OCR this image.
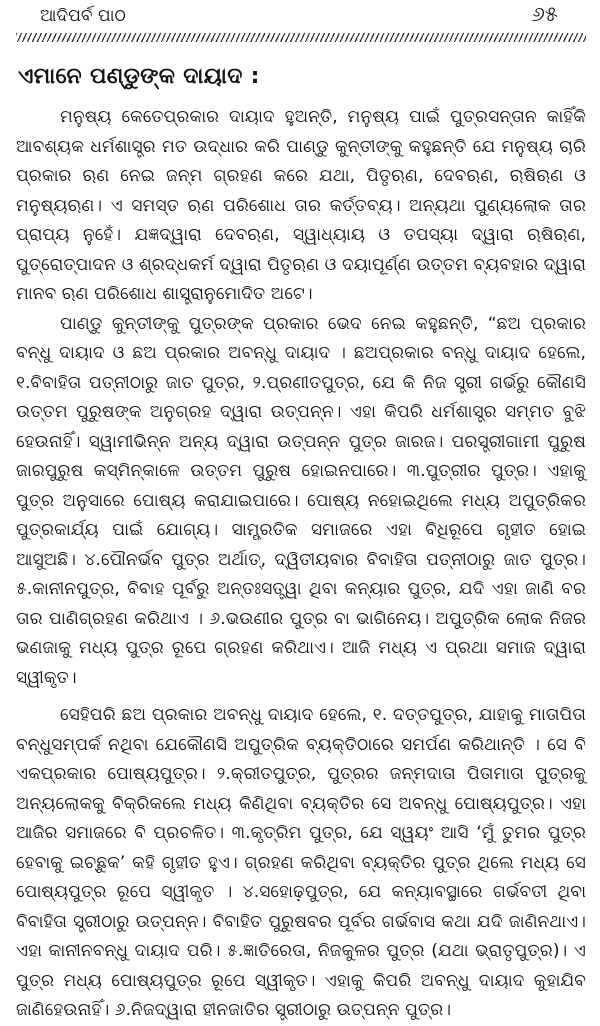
ଆଦିପର୍ବ ପାଠ	୬୫
ଏମାନେ ପଣ୍ଡୁଙ୍କ ଦାୟାଦ :

ମନୁଷ୍ୟ କେତେପ୍ରକାର ଦାୟାଦ ହୁଅନ୍ତି, ମନୁଷ୍ୟ ପାଇଁ ପୁତ୍ରସନ୍ତାନ କାହିଁକି ଆବଶ୍ୟକ ଧର୍ମଶାସ୍ତ୍ର ମତ ଉଦ୍ଧାର କରି ପାଣ୍ଡୁ କୁନ୍ତୀଙ୍କୁ କହୁଛନ୍ତି ଯେ ମନୁଷ୍ୟ ଚାରି ପ୍ରକାର ଋଣ ନେଇ ଜନ୍ମ ଗ୍ରହଣ କରେ ଯଥା, ପିତୃଋଣ, ଦେବଋଣ, ଋଷିଋଣ ଓ ମନୁଷ୍ୟଋଣ। ଏ ସମସ୍ତ ଋଣ ପରିଶୋଧ ତାର କର୍ତ୍ତବ୍ୟ। ଅନ୍ୟଥା ପୁଣ୍ୟଲୋକ ତାର ପ୍ରାପ୍ୟ ନୁହେଁ। ଯଜ୍ଞଦ୍ୱାରା ଦେବଋଣ, ସ୍ୱାଧ୍ୟାୟ ଓ ତପସ୍ୟା ଦ୍ୱାରା ଋଷିଋଣ, ପୁତ୍ରୋତ୍ପାଦନ ଓ ଶ୍ରଦ୍ଧକର୍ମ ଦ୍ୱାରା ପିତୃଋଣ ଓ ଦୟାପୂର୍ଣ୍ଣ ଉତ୍ତମ ବ୍ୟବହାର ଦ୍ୱାରା ମାନବ ଋଣ ପରିଶୋଧ ଶାସ୍ତ୍ରାନୁମୋଦିତ ଅଟେ।

ପାଣ୍ଡୁ କୁନ୍ତୀଙ୍କୁ ପୁତ୍ରଙ୍କ ପ୍ରକାର ଭେଦ ନେଇ କହୁଛନ୍ତି, “ଛଅ ପ୍ରକାର ବନ୍ଧୁ ଦାୟାଦ ଓ ଛଅ ପ୍ରକାର ଅବନ୍ଧୁ ଦାୟାଦ । ଛଅପ୍ରକାର ବନ୍ଧୁ ଦାୟାଦ ହେଲେ, ୧.ବିବାହିତା ପତ୍ନୀଠାରୁ ଜାତ ପୁତ୍ର, ୨.ପ୍ରଣୀତପୁତ୍ର, ଯେ କି ନିଜ ସ୍ତ୍ରୀ ଗର୍ଭରୁ କୌଣସି ଉତ୍ତମ ପୁରୁଷଙ୍କ ଅନୁଗ୍ରହ ଦ୍ୱାରା ଉତ୍ପନ୍ନ। ଏହା କିପରି ଧର୍ମଶାସ୍ତ୍ର ସମ୍ମତ ବୁଝି ହେଉନାହିଁ। ସ୍ୱାମୀଭିନ୍ନ ଅନ୍ୟ ଦ୍ୱାରା ଉତ୍ପନ୍ନ ପୁତ୍ର ଜାରଜ। ପରସ୍ତ୍ରୀଗାମୀ ପୁରୁଷ ଜାରପୁରୁଷ କସ୍ମିନ୍‌କାଳେ ଉତ୍ତମ ପୁରୁଷ ହୋଇନପାରେ। ୩.ପୁତ୍ରୀର ପୁତ୍ର। ଏହାକୁ ପୁତ୍ର ଅନୁସାରେ ପୋଷ୍ୟ କରାଯାଇପାରେ। ପୋଷ୍ୟ ନହୋଇଥିଲେ ମଧ୍ୟ ଅପୁତ୍ରିକର ପୁତ୍ରକାର୍ଯ୍ୟ ପାଇଁ ଯୋଗ୍ୟ। ସାମ୍ପ୍ରତିକ ସମାଜରେ ଏହା ବିଧିରୂପେ ଗୃହୀତ ହୋଇ ଆସୁଅଛି। ୪.ପୌନର୍ଭବ ପୁତ୍ର ଅର୍ଥାତ୍, ଦ୍ୱିତୀୟବାର ବିବାହିତା ପତ୍ନୀଠାରୁ ଜାତ ପୁତ୍ର। ୫.କାନୀନପୁତ୍ର, ବିବାହ ପୂର୍ବରୁ ଅନ୍ତଃସତ୍ତ୍ୱା ଥିବା କନ୍ୟାର ପୁତ୍ର, ଯଦି ଏହା ଜାଣି ବର ତାର ପାଣିଗ୍ରହଣ କରିଥାଏ । ୬.ଭଉଣୀର ପୁତ୍ର ବା ଭାଗିନେୟ। ଅପୁତ୍ରିକ ଲୋକ ନିଜର ଭଣଜାକୁ ମଧ୍ୟ ପୁତ୍ର ରୂପେ ଗ୍ରହଣ କରିଥାଏ। ଆଜି ମଧ୍ୟ ଏ ପ୍ରଥା ସମାଜ ଦ୍ୱାରା ସ୍ୱୀକୃତ।

ସେହିପରି ଛଅ ପ୍ରକାର ଅବନ୍ଧୁ ଦାୟାଦ ହେଲେ, ୧. ଦତ୍ତପୁତ୍ର, ଯାହାକୁ ମାତାପିତା ବନ୍ଧୁସମ୍ପର୍କ ନଥିବା ଯେକୌଣସି ଅପୁତ୍ରିକ ବ୍ୟକ୍ତିଠାରେ ସମର୍ପଣ କରିଥାନ୍ତି । ସେ ବି ଏକପ୍ରକାର ପୋଷ୍ୟପୁତ୍ର। ୨.କ୍ରୀତପୁତ୍ର, ପୁତ୍ରର ଜନ୍ମଦାତା ପିତାମାତା ପୁତ୍ରକୁ ଅନ୍ୟଲୋକକୁ ବିକ୍ରିକଲେ ମଧ୍ୟ କିଣିଥିବା ବ୍ୟକ୍ତିର ସେ ଅବନ୍ଧୁ ପୋଷ୍ୟପୁତ୍ର। ଏହା ଆଜିର ସମାଜରେ ବି ପ୍ରଚଳିତ। ୩.କୃତ୍ରିମ ପୁତ୍ର, ଯେ ସ୍ୱୟଂ ଆସି ‘ମୁଁ ତୁମର ପୁତ୍ର ହେବାକୁ ଇଚ୍ଛୁକ’ କହି ଗୃହୀତ ହୁଏ। ଗ୍ରହଣ କରିଥିବା ବ୍ୟକ୍ତିର ପୁତ୍ର ଥିଲେ ମଧ୍ୟ ସେ ପୋଷ୍ୟପୁତ୍ର ରୂପେ ସ୍ୱୀକୃତ । ୪.ସହୋଢ଼ପୁତ୍ର, ଯେ କନ୍ୟାବସ୍ଥାରେ ଗର୍ଭବତୀ ଥିବା ବିବାହିତା ସ୍ତ୍ରୀଠାରୁ ଉତ୍ପନ୍ନ। ବିବାହିତ ପୁରୁଷବର ପୂର୍ବର ଗର୍ଭବାସ କଥା ଯଦି ଜାଣିନଥାଏ। ଏହା କାନୀନବନ୍ଧୁ ଦାୟାଦ ପରି। ୫.ଜ୍ଞାତିରେତା, ନିଜକୁଳର ପୁତ୍ର (ଯଥା ଭ୍ରାତୃପୁତ୍ର)। ଏ ପୁତ୍ର ମଧ୍ୟ ପୋଷ୍ୟପୁତ୍ର ରୂପେ ସ୍ୱୀକୃତ। ଏହାକୁ କିପରି ଅବନ୍ଧୁ ଦାୟାଦ କୁହାଯିବ ଜାଣିହେଉନାହିଁ। ୬.ନିଜଦ୍ୱାରା ହୀନଜାତିର ସ୍ତ୍ରୀଠାରୁ ଉତ୍ପନ୍ନ ପୁତ୍ର।
